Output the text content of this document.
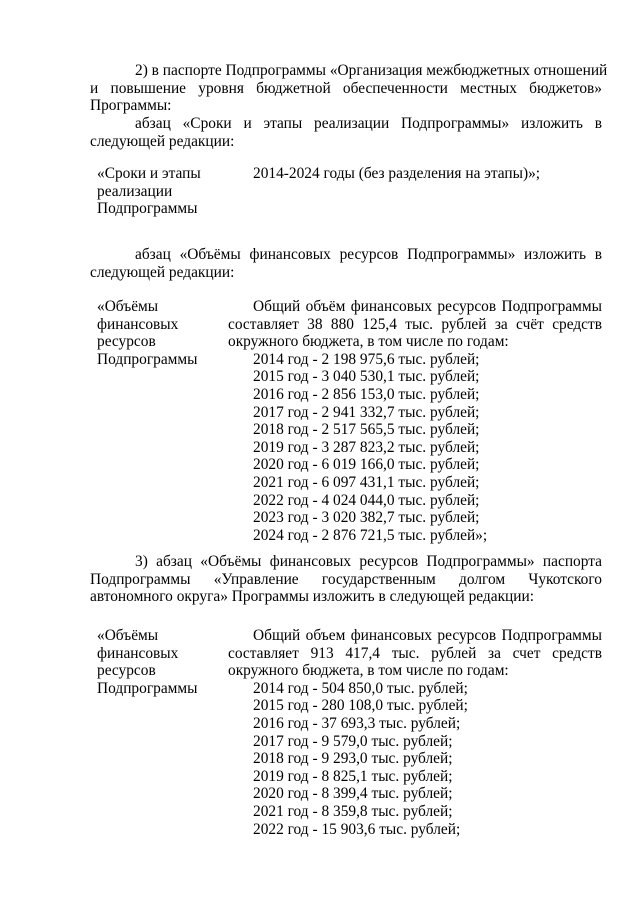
2) в паспорте Подпрограммы «Организация межбюджетных отношений
и повышение уровня бюджетной обеспеченности местных бюджетов»
Программы:
абзац «Сроки и этапы реализации Подпрограммы» изложить в
следующей редакции:
«Сроки и этапы
реализации
Подпрограммы
2014-2024 годы (без разделения на этапы)»;
абзац «Объёмы финансовых ресурсов Подпрограммы» изложить в
следующей редакции:
«Объёмы
финансовых
ресурсов
Подпрограммы
Общий объём финансовых ресурсов Подпрограммы
составляет 38 880 125,4 тыс. рублей за счёт средств
окружного бюджета, в том числе по годам:
2014 год - 2 198 975,6 тыс. рублей;
2015 год - 3 040 530,1 тыс. рублей;
2016 год - 2 856 153,0 тыс. рублей;
2017 год - 2 941 332,7 тыс. рублей;
2018 год - 2 517 565,5 тыс. рублей;
2019 год - 3 287 823,2 тыс. рублей;
2020 год - 6 019 166,0 тыс. рублей;
2021 год - 6 097 431,1 тыс. рублей;
2022 год - 4 024 044,0 тыс. рублей;
2023 год - 3 020 382,7 тыс. рублей;
2024 год - 2 876 721,5 тыс. рублей»;
3) абзац «Объёмы финансовых ресурсов Подпрограммы» паспорта
Подпрограммы «Управление государственным долгом Чукотского
автономного округа» Программы изложить в следующей редакции:
«Объёмы
финансовых
ресурсов
Подпрограммы
Общий объем финансовых ресурсов Подпрограммы
составляет 913 417,4 тыс. рублей за счет средств
окружного бюджета, в том числе по годам:
2014 год - 504 850,0 тыс. рублей;
2015 год - 280 108,0 тыс. рублей;
2016 год - 37 693,3 тыс. рублей;
2017 год - 9 579,0 тыс. рублей;
2018 год - 9 293,0 тыс. рублей;
2019 год - 8 825,1 тыс. рублей;
2020 год - 8 399,4 тыс. рублей;
2021 год - 8 359,8 тыс. рублей;
2022 год - 15 903,6 тыс. рублей;
